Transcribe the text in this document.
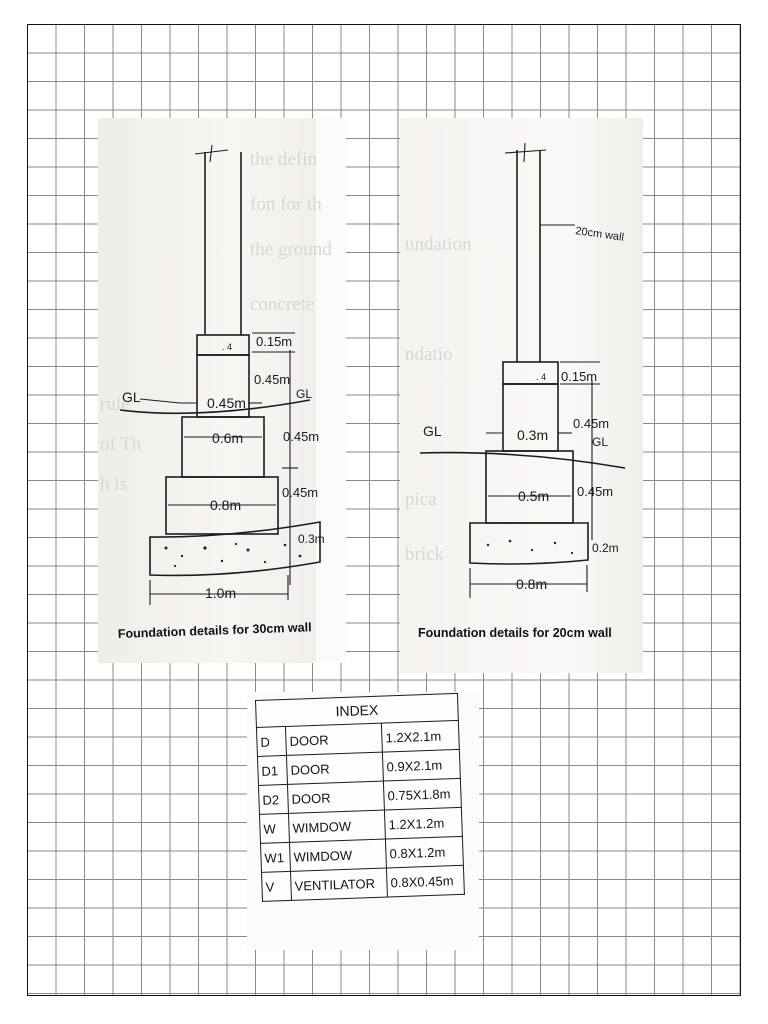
the defin
fon for th
the ground
concrete
rule
of Th
h is
undation
ndatio
pica
brick
. 4
. 4
GL	GL
0.45m
0.15m
0.45m
0.45m
0.45m
0.3m
0.6m
0.8m
1.0m
Foundation details for 30cm wall
20cm wall
GL
GL
0.3m
0.15m
0.45m
0.45m
0.2m
0.5m
0.8m
Foundation details for 20cm wall
INDEX		
D	DOOR	1.2X2.1m
D1	DOOR	0.9X2.1m
D2	DOOR	0.75X1.8m
W	WIMDOW	1.2X1.2m
W1	WIMDOW	0.8X1.2m
V	VENTILATOR	0.8X0.45m
